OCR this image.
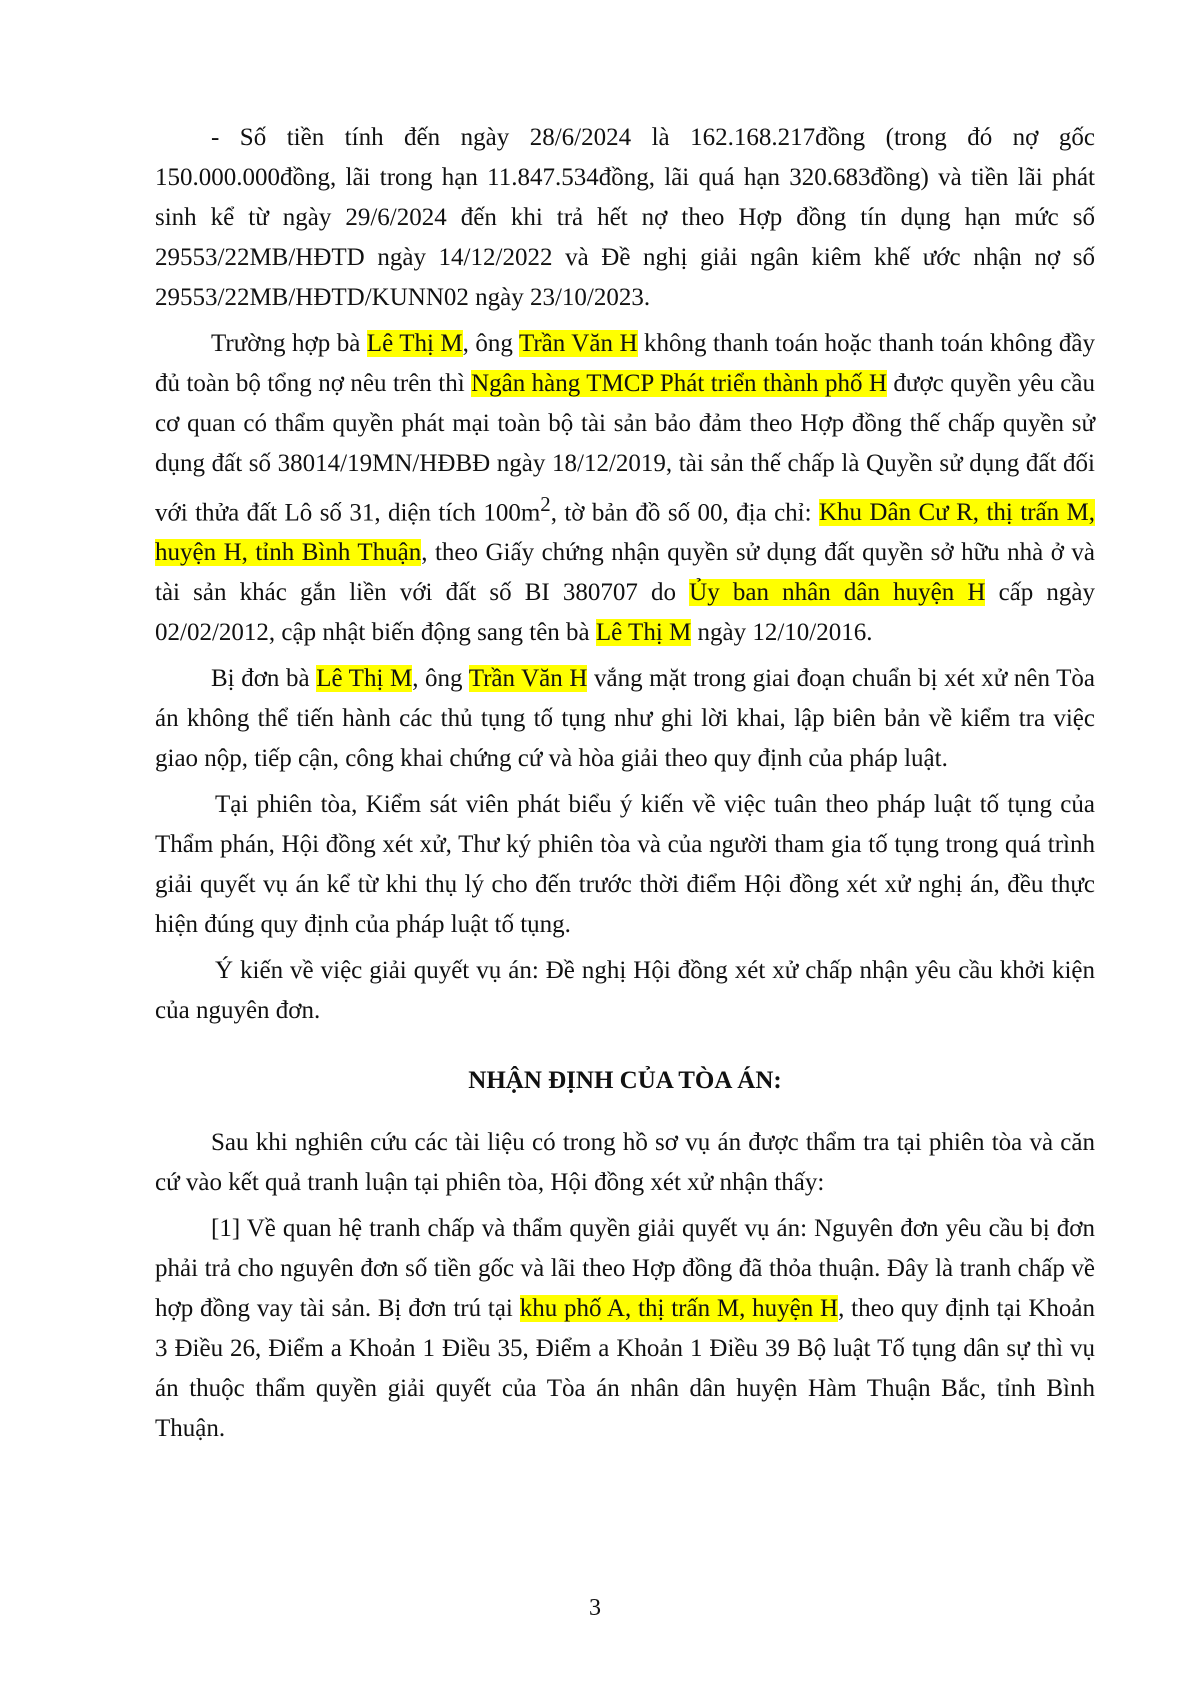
- Số tiền tính đến ngày 28/6/2024 là 162.168.217đồng (trong đó nợ gốc 150.000.000đồng, lãi trong hạn 11.847.534đồng, lãi quá hạn 320.683đồng) và tiền lãi phát sinh kể từ ngày 29/6/2024 đến khi trả hết nợ theo Hợp đồng tín dụng hạn mức số 29553/22MB/HĐTD ngày 14/12/2022 và Đề nghị giải ngân kiêm khế ước nhận nợ số 29553/22MB/HĐTD/KUNN02 ngày 23/10/2023.

Trường hợp bà Lê Thị M, ông Trần Văn H không thanh toán hoặc thanh toán không đầy đủ toàn bộ tổng nợ nêu trên thì Ngân hàng TMCP Phát triển thành phố H được quyền yêu cầu cơ quan có thẩm quyền phát mại toàn bộ tài sản bảo đảm theo Hợp đồng thế chấp quyền sử dụng đất số 38014/19MN/HĐBĐ ngày 18/12/2019, tài sản thế chấp là Quyền sử dụng đất đối với thửa đất Lô số 31, diện tích $100m^2$, tờ bản đồ số 00, địa chỉ: Khu Dân Cư R, thị trấn M, huyện H, tỉnh Bình Thuận, theo Giấy chứng nhận quyền sử dụng đất quyền sở hữu nhà ở và tài sản khác gắn liền với đất số BI 380707 do Ủy ban nhân dân huyện H cấp ngày 02/02/2012, cập nhật biến động sang tên bà Lê Thị M ngày 12/10/2016.

Bị đơn bà Lê Thị M, ông Trần Văn H vắng mặt trong giai đoạn chuẩn bị xét xử nên Tòa án không thể tiến hành các thủ tụng tố tụng như ghi lời khai, lập biên bản về kiểm tra việc giao nộp, tiếp cận, công khai chứng cứ và hòa giải theo quy định của pháp luật.

Tại phiên tòa, Kiểm sát viên phát biểu ý kiến về việc tuân theo pháp luật tố tụng của Thẩm phán, Hội đồng xét xử, Thư ký phiên tòa và của người tham gia tố tụng trong quá trình giải quyết vụ án kể từ khi thụ lý cho đến trước thời điểm Hội đồng xét xử nghị án, đều thực hiện đúng quy định của pháp luật tố tụng.

Ý kiến về việc giải quyết vụ án: Đề nghị Hội đồng xét xử chấp nhận yêu cầu khởi kiện của nguyên đơn.

NHẬN ĐỊNH CỦA TÒA ÁN:

Sau khi nghiên cứu các tài liệu có trong hồ sơ vụ án được thẩm tra tại phiên tòa và căn cứ vào kết quả tranh luận tại phiên tòa, Hội đồng xét xử nhận thấy:

[1] Về quan hệ tranh chấp và thẩm quyền giải quyết vụ án: Nguyên đơn yêu cầu bị đơn phải trả cho nguyên đơn số tiền gốc và lãi theo Hợp đồng đã thỏa thuận. Đây là tranh chấp về hợp đồng vay tài sản. Bị đơn trú tại khu phố A, thị trấn M, huyện H, theo quy định tại Khoản 3 Điều 26, Điểm a Khoản 1 Điều 35, Điểm a Khoản 1 Điều 39 Bộ luật Tố tụng dân sự thì vụ án thuộc thẩm quyền giải quyết của Tòa án nhân dân huyện Hàm Thuận Bắc, tỉnh Bình Thuận.

3
